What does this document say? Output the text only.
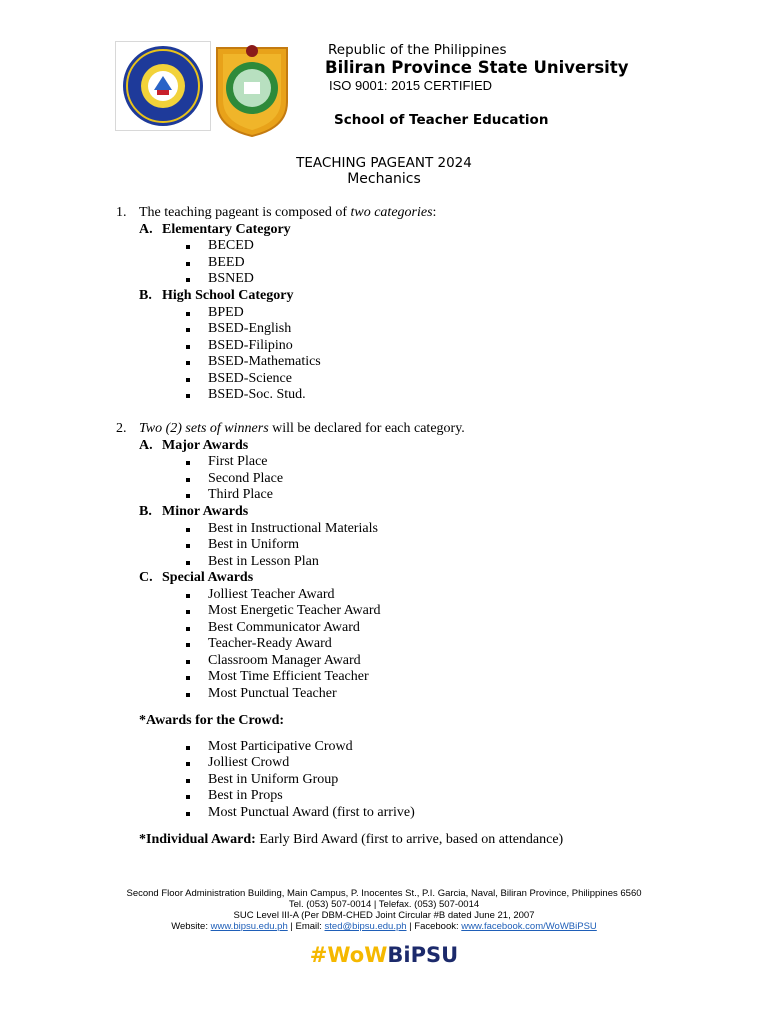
Republic of the Philippines
Biliran Province State University
ISO 9001: 2015 CERTIFIED
School of Teacher Education
TEACHING PAGEANT 2024
Mechanics
1. The teaching pageant is composed of two categories:
A. Elementary Category
BECED
BEED
BSNED
B. High School Category
BPED
BSED-English
BSED-Filipino
BSED-Mathematics
BSED-Science
BSED-Soc. Stud.
2. Two (2) sets of winners will be declared for each category.
A. Major Awards
First Place
Second Place
Third Place
B. Minor Awards
Best in Instructional Materials
Best in Uniform
Best in Lesson Plan
C. Special Awards
Jolliest Teacher Award
Most Energetic Teacher Award
Best Communicator Award
Teacher-Ready Award
Classroom Manager Award
Most Time Efficient Teacher
Most Punctual Teacher
*Awards for the Crowd:
Most Participative Crowd
Jolliest Crowd
Best in Uniform Group
Best in Props
Most Punctual Award (first to arrive)
*Individual Award: Early Bird Award (first to arrive, based on attendance)
Second Floor Administration Building, Main Campus, P. Inocentes St., P.I. Garcia, Naval, Biliran Province, Philippines 6560
Tel. (053) 507-0014 | Telefax. (053) 507-0014
SUC Level III-A (Per DBM-CHED Joint Circular #B dated June 21, 2007
Website: www.bipsu.edu.ph | Email: sted@bipsu.edu.ph | Facebook: www.facebook.com/WoWBiPSU
#WoWBiPSU
